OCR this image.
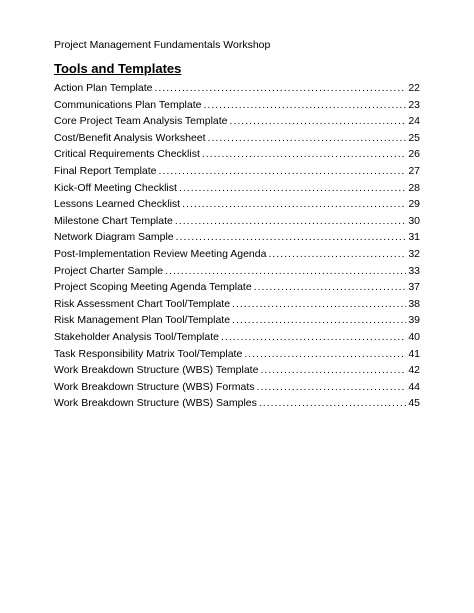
Project Management Fundamentals Workshop
Tools and Templates
Action Plan Template .....	22
Communications Plan Template .....	23
Core Project Team Analysis Template .....	24
Cost/Benefit Analysis Worksheet .....	25
Critical Requirements Checklist .....	26
Final Report Template .....	27
Kick-Off Meeting Checklist .....	28
Lessons Learned Checklist .....	29
Milestone Chart Template .....	30
Network Diagram Sample .....	31
Post-Implementation Review Meeting Agenda .....	32
Project Charter Sample .....	33
Project Scoping Meeting Agenda Template .....	37
Risk Assessment Chart Tool/Template .....	38
Risk Management Plan Tool/Template .....	39
Stakeholder Analysis Tool/Template .....	40
Task Responsibility Matrix Tool/Template .....	41
Work Breakdown Structure (WBS) Template .....	42
Work Breakdown Structure (WBS) Formats .....	44
Work Breakdown Structure (WBS) Samples .....	45
